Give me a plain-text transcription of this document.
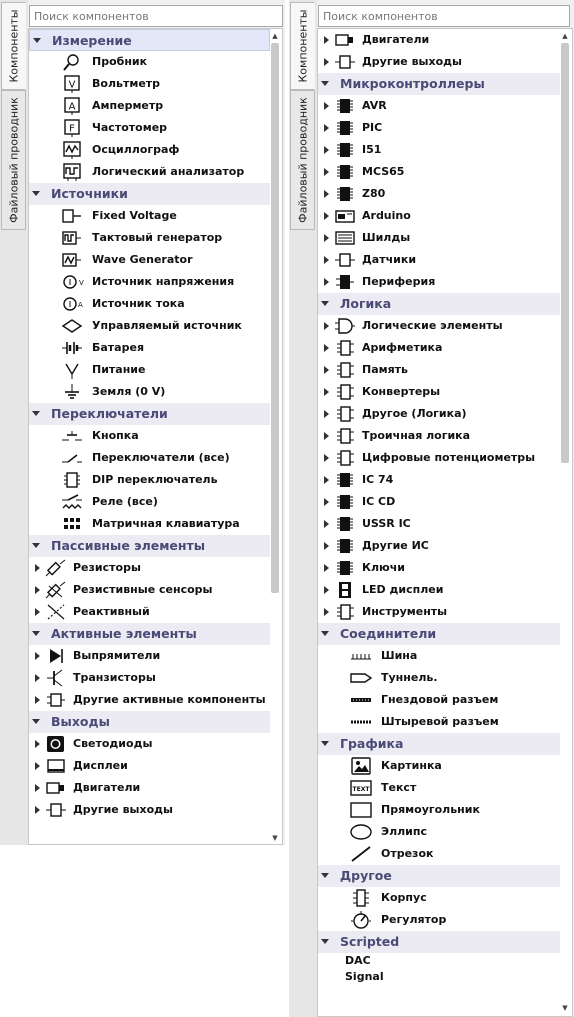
Компоненты
Файловый проводник
Поиск компонентов
Измерение
Пробник
V Вольтметр
A Амперметр
F Частотомер
Осциллограф
Логический анализатор
Источники
Fixed Voltage
Тактовый генератор
Wave Generator
V Источник напряжения
A Источник тока
Управляемый источник
Батарея
Питание
Земля (0 V)
Переключатели
Кнопка
Переключатели (все)
DIP переключатель
Реле (все)
Матричная клавиатура
Пассивные элементы
Резисторы
Резистивные сенсоры
Реактивный
Активные элементы
Выпрямители
Транзисторы
Другие активные компоненты
Выходы
Светодиоды
Дисплеи
Двигатели
Другие выходы
▲
▼
Компоненты
Файловый проводник
Поиск компонентов
Двигатели
Другие выходы
Микроконтроллеры
AVR
PIC
I51
MCS65
Z80
Arduino
Шилды
Датчики
Периферия
Логика
Логические элементы
Арифметика
Память
Конвертеры
Другое (Логика)
Троичная логика
Цифровые потенциометры
IC 74
IC CD
USSR IC
Другие ИС
Ключи
LED дисплеи
Инструменты
Соединители
Шина
Туннель.
Гнездовой разъем
Штыревой разъем
Графика
Картинка
TEXT Текст
Прямоугольник
Эллипс
Отрезок
Другое
Корпус
Регулятор
Scripted
DAC
Signal
▲
▼
